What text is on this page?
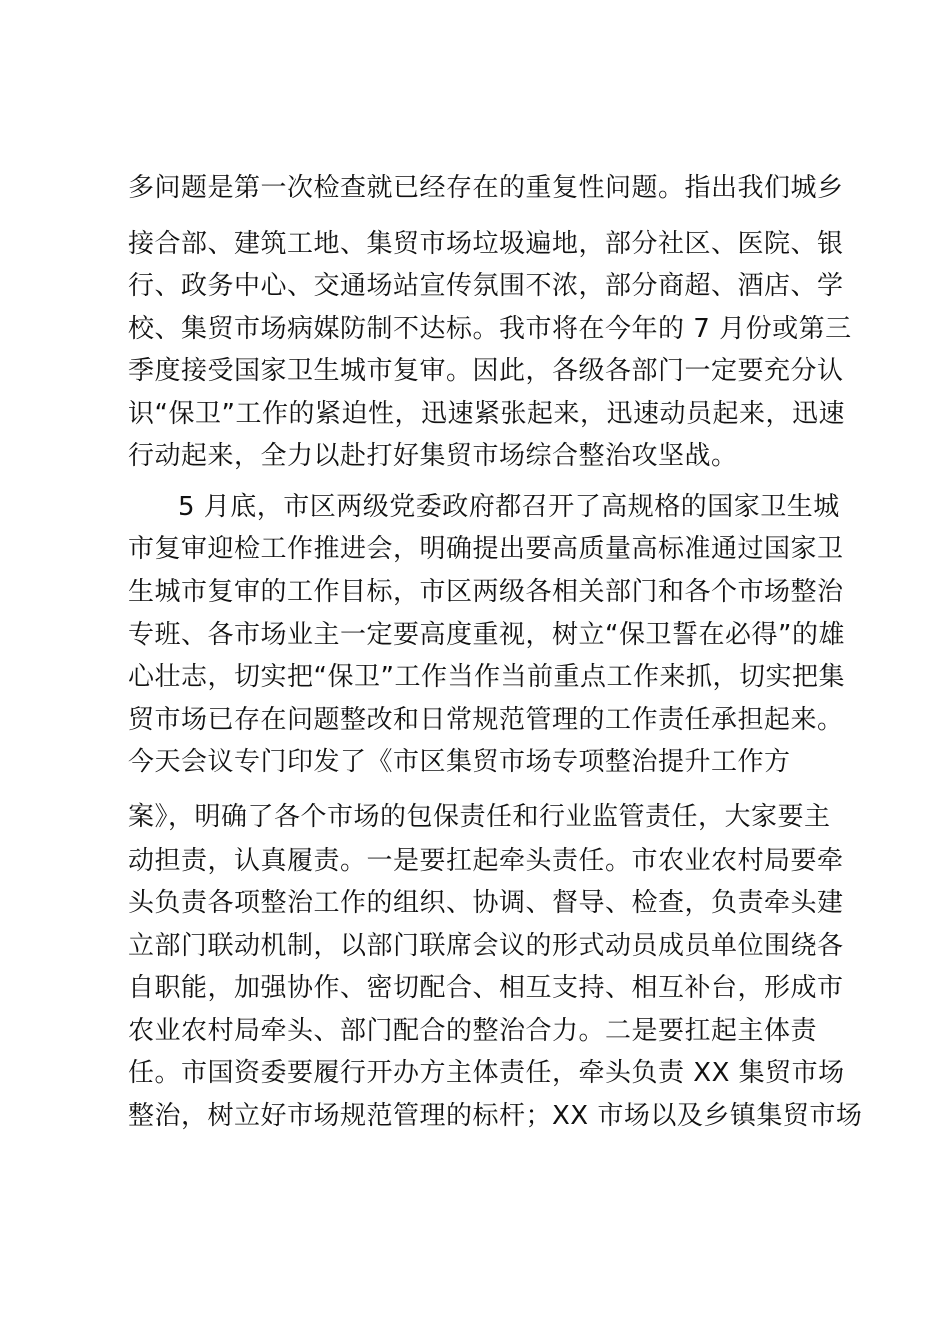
多问题是第一次检查就已经存在的重复性问题。指出我们城乡
接合部、建筑工地、集贸市场垃圾遍地，部分社区、医院、银
行、政务中心、交通场站宣传氛围不浓，部分商超、酒店、学
校、集贸市场病媒防制不达标。我市将在今年的 7 月份或第三
季度接受国家卫生城市复审。因此，各级各部门一定要充分认
识“保卫”工作的紧迫性，迅速紧张起来，迅速动员起来，迅速
行动起来，全力以赴打好集贸市场综合整治攻坚战。
5 月底，市区两级党委政府都召开了高规格的国家卫生城
市复审迎检工作推进会，明确提出要高质量高标准通过国家卫
生城市复审的工作目标，市区两级各相关部门和各个市场整治
专班、各市场业主一定要高度重视，树立“保卫誓在必得”的雄
心壮志，切实把“保卫”工作当作当前重点工作来抓，切实把集
贸市场已存在问题整改和日常规范管理的工作责任承担起来。
今天会议专门印发了《市区集贸市场专项整治提升工作方
案》，明确了各个市场的包保责任和行业监管责任，大家要主
动担责，认真履责。一是要扛起牵头责任。市农业农村局要牵
头负责各项整治工作的组织、协调、督导、检查，负责牵头建
立部门联动机制，以部门联席会议的形式动员成员单位围绕各
自职能，加强协作、密切配合、相互支持、相互补台，形成市
农业农村局牵头、部门配合的整治合力。二是要扛起主体责
任。市国资委要履行开办方主体责任，牵头负责 XX 集贸市场
整治，树立好市场规范管理的标杆；XX 市场以及乡镇集贸市场
